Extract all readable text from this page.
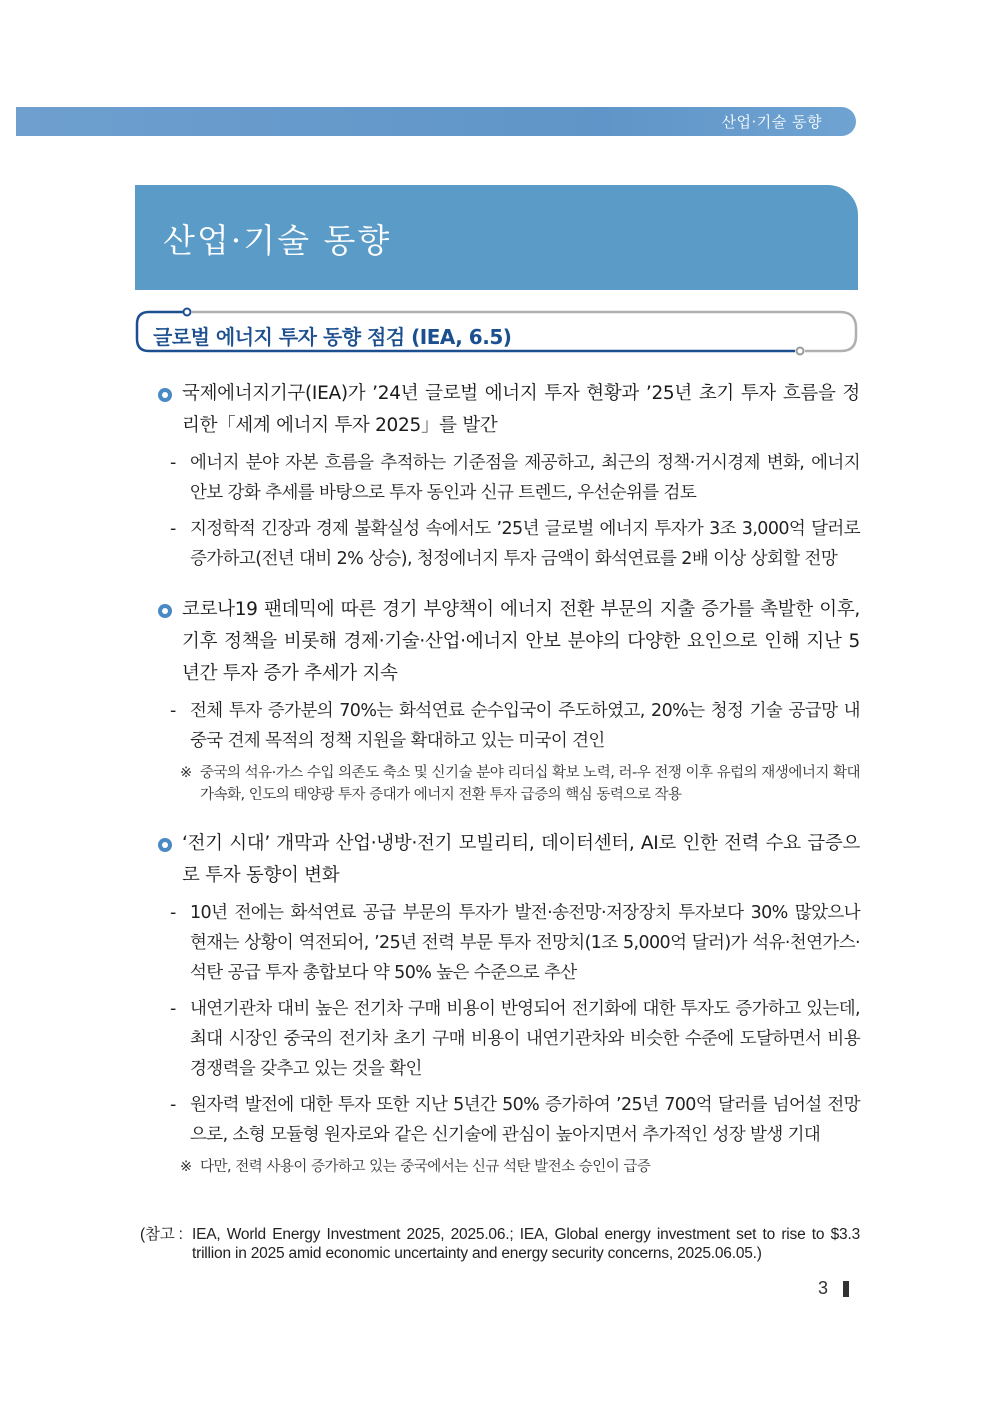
산업·기술 동향
산업·기술 동향
글로벌 에너지 투자 동향 점검 (IEA, 6.5)
국제에너지기구(IEA)가 ’24년 글로벌 에너지 투자 현황과 ’25년 초기 투자 흐름을 정리한「세계 에너지 투자 2025」를 발간
- 에너지 분야 자본 흐름을 추적하는 기준점을 제공하고, 최근의 정책·거시경제 변화, 에너지 안보 강화 추세를 바탕으로 투자 동인과 신규 트렌드, 우선순위를 검토
- 지정학적 긴장과 경제 불확실성 속에서도 ’25년 글로벌 에너지 투자가 3조 3,000억 달러로 증가하고(전년 대비 2% 상승), 청정에너지 투자 금액이 화석연료를 2배 이상 상회할 전망
코로나19 팬데믹에 따른 경기 부양책이 에너지 전환 부문의 지출 증가를 촉발한 이후, 기후 정책을 비롯해 경제·기술·산업·에너지 안보 분야의 다양한 요인으로 인해 지난 5년간 투자 증가 추세가 지속
- 전체 투자 증가분의 70%는 화석연료 순수입국이 주도하였고, 20%는 청정 기술 공급망 내 중국 견제 목적의 정책 지원을 확대하고 있는 미국이 견인
※ 중국의 석유·가스 수입 의존도 축소 및 신기술 분야 리더십 확보 노력, 러-우 전쟁 이후 유럽의 재생에너지 확대 가속화, 인도의 태양광 투자 증대가 에너지 전환 투자 급증의 핵심 동력으로 작용
‘전기 시대’ 개막과 산업·냉방·전기 모빌리티, 데이터센터, AI로 인한 전력 수요 급증으로 투자 동향이 변화
- 10년 전에는 화석연료 공급 부문의 투자가 발전·송전망·저장장치 투자보다 30% 많았으나 현재는 상황이 역전되어, ’25년 전력 부문 투자 전망치(1조 5,000억 달러)가 석유·천연가스·석탄 공급 투자 총합보다 약 50% 높은 수준으로 추산
- 내연기관차 대비 높은 전기차 구매 비용이 반영되어 전기화에 대한 투자도 증가하고 있는데, 최대 시장인 중국의 전기차 초기 구매 비용이 내연기관차와 비슷한 수준에 도달하면서 비용 경쟁력을 갖추고 있는 것을 확인
- 원자력 발전에 대한 투자 또한 지난 5년간 50% 증가하여 ’25년 700억 달러를 넘어설 전망으로, 소형 모듈형 원자로와 같은 신기술에 관심이 높아지면서 추가적인 성장 발생 기대
※ 다만, 전력 사용이 증가하고 있는 중국에서는 신규 석탄 발전소 승인이 급증
(참고 : IEA, World Energy Investment 2025, 2025.06.; IEA, Global energy investment set to rise to $3.3 trillion in 2025 amid economic uncertainty and energy security concerns, 2025.06.05.)
3
